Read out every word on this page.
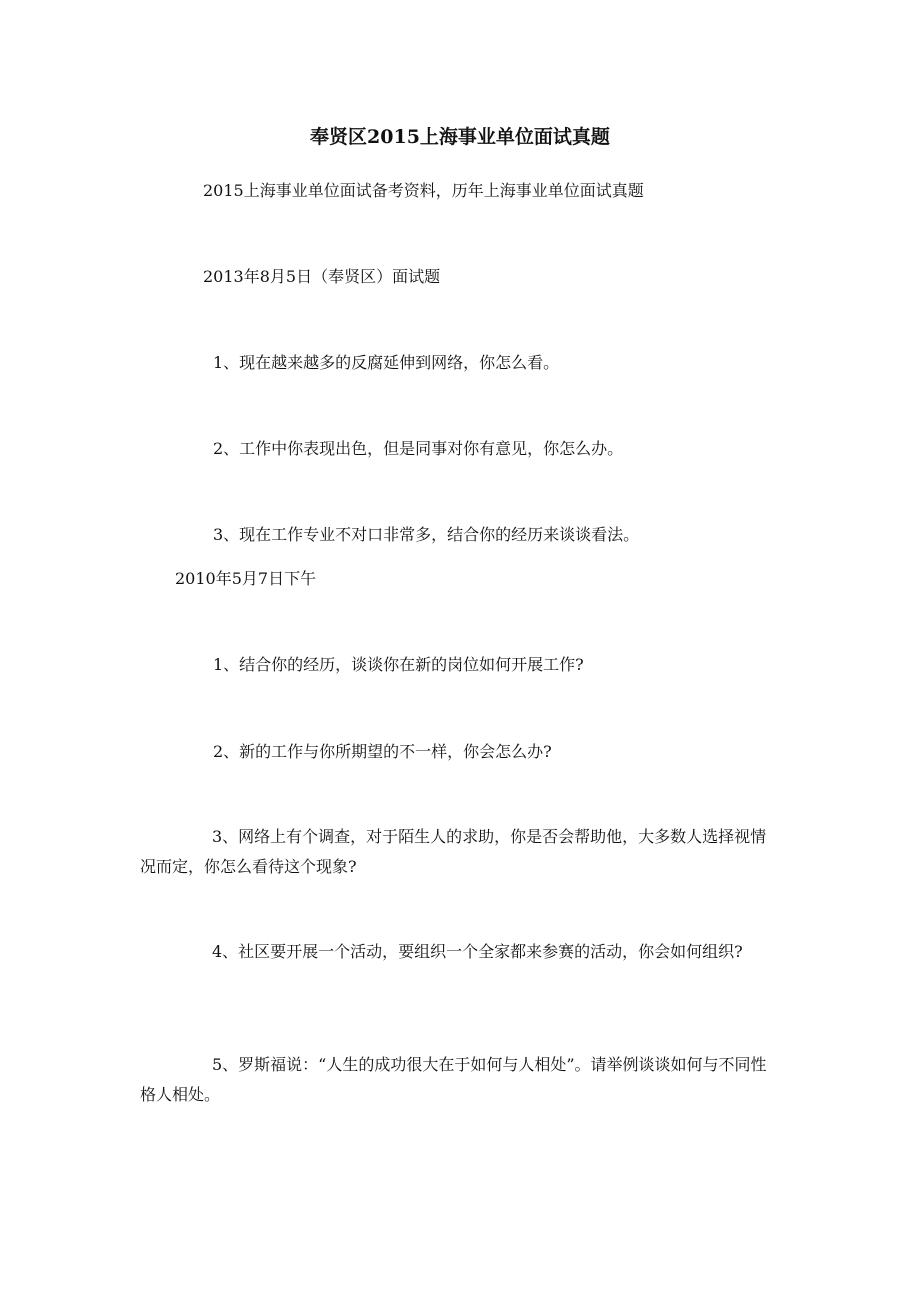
奉贤区2015上海事业单位面试真题

2015上海事业单位面试备考资料，历年上海事业单位面试真题

2013年8月5日（奉贤区）面试题

1、现在越来越多的反腐延伸到网络，你怎么看。

2、工作中你表现出色，但是同事对你有意见，你怎么办。

3、现在工作专业不对口非常多，结合你的经历来谈谈看法。

2010年5月7日下午

1、结合你的经历，谈谈你在新的岗位如何开展工作?

2、新的工作与你所期望的不一样，你会怎么办?

3、网络上有个调查，对于陌生人的求助，你是否会帮助他，大多数人选择视情况而定，你怎么看待这个现象?

4、社区要开展一个活动，要组织一个全家都来参赛的活动，你会如何组织?

5、罗斯福说：“人生的成功很大在于如何与人相处”。请举例谈谈如何与不同性格人相处。
